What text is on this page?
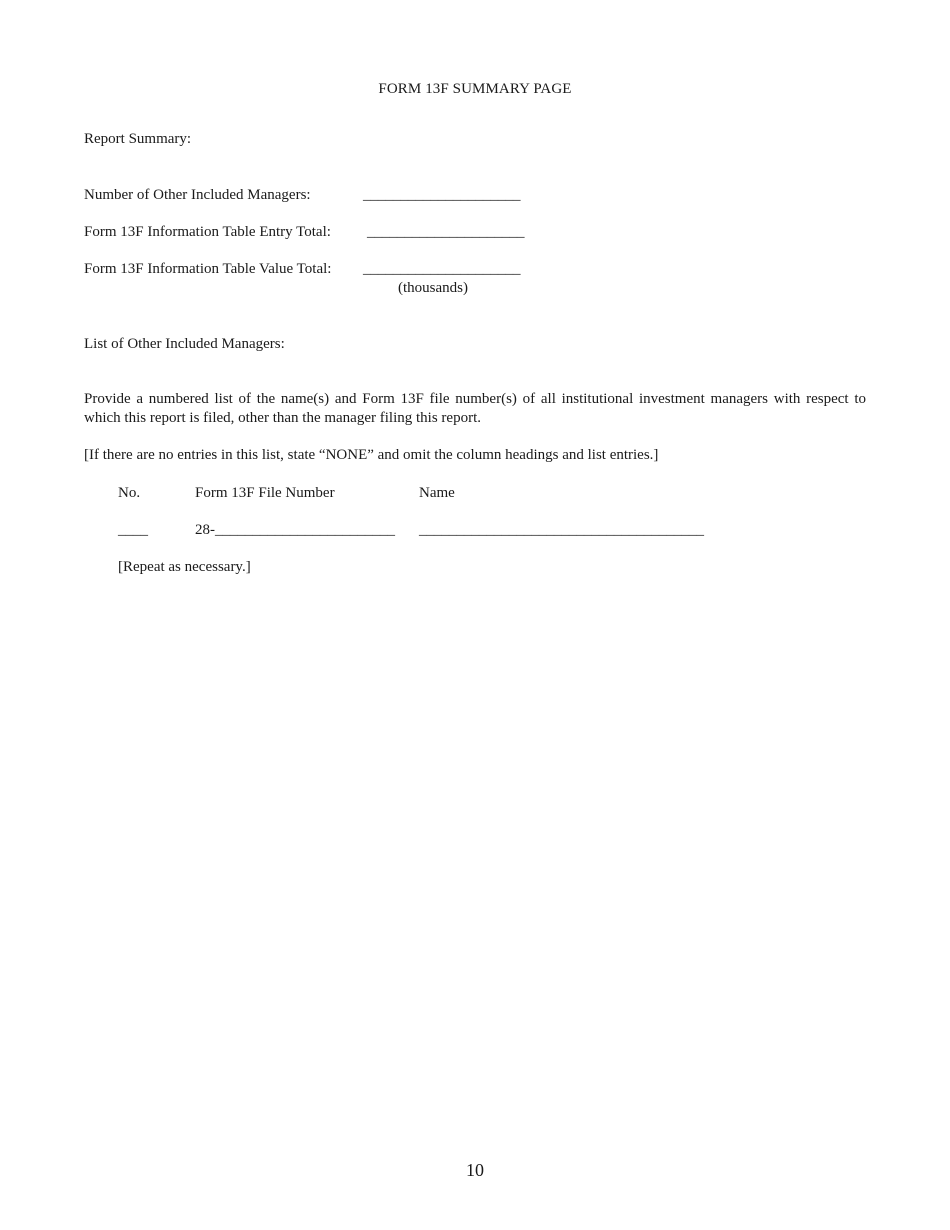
FORM 13F SUMMARY PAGE
Report Summary:
Number of Other Included Managers:	_____________________
Form 13F Information Table Entry Total: _____________________
Form 13F Information Table Value Total: _____________________
(thousands)
List of Other Included Managers:
Provide a numbered list of the name(s) and Form 13F file number(s) of all institutional investment managers with respect to which this report is filed, other than the manager filing this report.
[If there are no entries in this list, state “NONE” and omit the column headings and list entries.]
No.	Form 13F File Number	Name
____	28-________________________ ______________________________________
[Repeat as necessary.]
10
